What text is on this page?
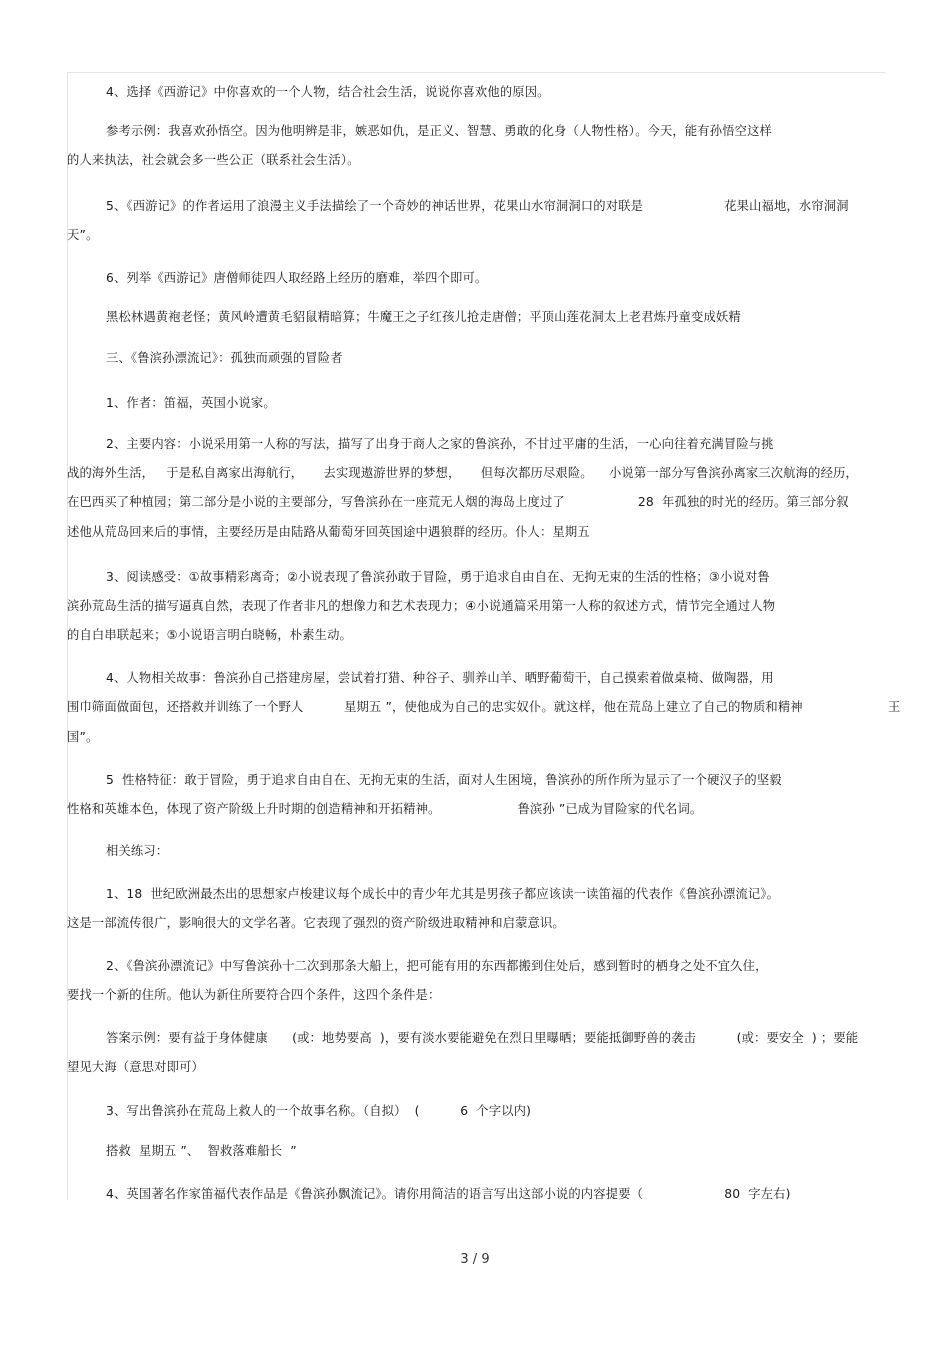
4、选择《西游记》中你喜欢的一个人物，结合社会生活，说说你喜欢他的原因。
参考示例：我喜欢孙悟空。因为他明辨是非，嫉恶如仇，是正义、智慧、勇敢的化身（人物性格）。今天，能有孙悟空这样
的人来执法，社会就会多一些公正（联系社会生活）。
5、《西游记》的作者运用了浪漫主义手法描绘了一个奇妙的神话世界，花果山水帘洞洞口的对联是                    花果山福地，水帘洞洞
天”。
6、列举《西游记》唐僧师徒四人取经路上经历的磨难，举四个即可。
黑松林遇黄袍老怪；黄风岭遭黄毛貂鼠精暗算；牛魔王之子红孩儿抢走唐僧；平顶山莲花洞太上老君炼丹童变成妖精
三、《鲁滨孙漂流记》：孤独而顽强的冒险者
1、作者：笛福，英国小说家。
2、主要内容：小说采用第一人称的写法，描写了出身于商人之家的鲁滨孙，不甘过平庸的生活，一心向往着充满冒险与挑
战的海外生活，   于是私自离家出海航行，     去实现遨游世界的梦想，     但每次都历尽艰险。    小说第一部分写鲁滨孙离家三次航海的经历，
在巴西买了种植园；第二部分是小说的主要部分，写鲁滨孙在一座荒无人烟的海岛上度过了                  28  年孤独的时光的经历。第三部分叙
述他从荒岛回来后的事情，主要经历是由陆路从葡萄牙回英国途中遇狼群的经历。仆人：星期五
3、阅读感受：①故事精彩离奇；②小说表现了鲁滨孙敢于冒险，勇于追求自由自在、无拘无束的生活的性格；③小说对鲁
滨孙荒岛生活的描写逼真自然，表现了作者非凡的想像力和艺术表现力；④小说通篇采用第一人称的叙述方式，情节完全通过人物
的自白串联起来；⑤小说语言明白晓畅，朴素生动。
4、人物相关故事：鲁滨孙自己搭建房屋，尝试着打猎、种谷子、驯养山羊、晒野葡萄干，自己摸索着做桌椅、做陶器，用
围巾筛面做面包，还搭救并训练了一个野人          星期五 ”，使他成为自己的忠实奴仆。就这样，他在荒岛上建立了自己的物质和精神                     王
国”。
5  性格特征：敢于冒险，勇于追求自由自在、无拘无束的生活，面对人生困境，鲁滨孙的所作所为显示了一个硬汉子的坚毅
性格和英雄本色，体现了资产阶级上升时期的创造精神和开拓精神。                   鲁滨孙 ”已成为冒险家的代名词。
相关练习：
1、18  世纪欧洲最杰出的思想家卢梭建议每个成长中的青少年尤其是男孩子都应该读一读笛福的代表作《鲁滨孙漂流记》。
这是一部流传很广，影响很大的文学名著。它表现了强烈的资产阶级进取精神和启蒙意识。
2、《鲁滨孙漂流记》中写鲁滨孙十二次到那条大船上，把可能有用的东西都搬到住处后，感到暂时的栖身之处不宜久住，
要找一个新的住所。他认为新住所要符合四个条件，这四个条件是：
答案示例：要有益于身体健康      (或：地势要高  )，要有淡水要能避免在烈日里曝晒；要能抵御野兽的袭击          (或：要安全  ) ；要能
望见大海（意思对即可）
3、写出鲁滨孙在荒岛上救人的一个故事名称。（自拟）  (          6  个字以内)
搭救  星期五 ”、  智救落难船长  ”
4、英国著名作家笛福代表作品是《鲁滨孙飘流记》。请你用简洁的语言写出这部小说的内容提要（                    80  字左右)
3 / 9
